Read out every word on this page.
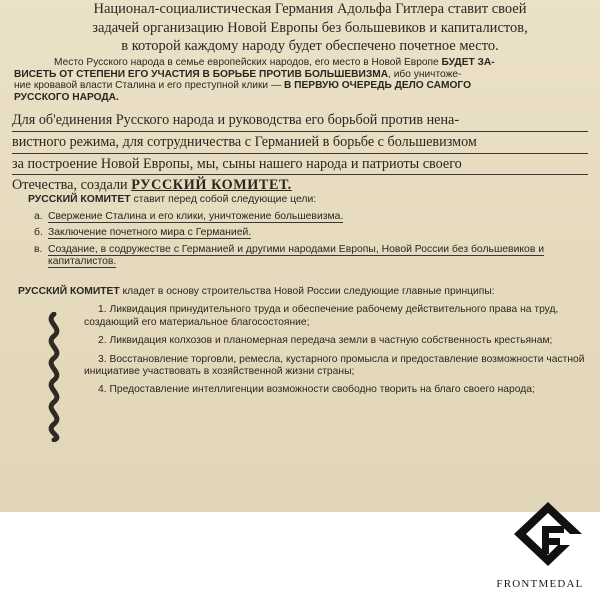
Национал-социалистическая Германия Адольфа Гитлера ставит своей
задачей организацию Новой Европы без большевиков и капиталистов,
в которой каждому народу будет обеспечено почетное место.
Место Русского народа в семье европейских народов, его место в Новой Европе БУДЕТ ЗА-
ВИСЕТЬ ОТ СТЕПЕНИ ЕГО УЧАСТИЯ В БОРЬБЕ ПРОТИВ БОЛЬШЕВИЗМА, ибо уничтоже-
ние кровавой власти Сталина и его преступной клики — В ПЕРВУЮ ОЧЕРЕДЬ ДЕЛО САМОГО
РУССКОГО НАРОДА.
Для об'единения Русского народа и руководства его борьбой против нена-
вистного режима, для сотрудничества с Германией в борьбе с большевизмом
за построение Новой Европы, мы, сыны нашего народа и патриоты своего
Отечества, создали РУССКИЙ КОМИТЕТ.
РУССКИЙ КОМИТЕТ ставит перед собой следующие цели:
а. Свержение Сталина и его клики, уничтожение большевизма.
б. Заключение почетного мира с Германией.
в. Создание, в содружестве с Германией и другими народами Европы, Новой России без большевиков и капиталистов.
РУССКИЙ КОМИТЕТ кладет в основу строительства Новой России следующие главные принципы:
1. Ликвидация принудительного труда и обеспечение рабочему действительного права на труд, создающий его материальное благосостояние;
2. Ликвидация колхозов и планомерная передача земли в частную собственность крестьянам;
3. Восстановление торговли, ремесла, кустарного промысла и предоставление возможности частной инициативе участвовать в хозяйственной жизни страны;
4. Предоставление интеллигенции возможности свободно творить на благо своего народа;
FRONTMEDAL
